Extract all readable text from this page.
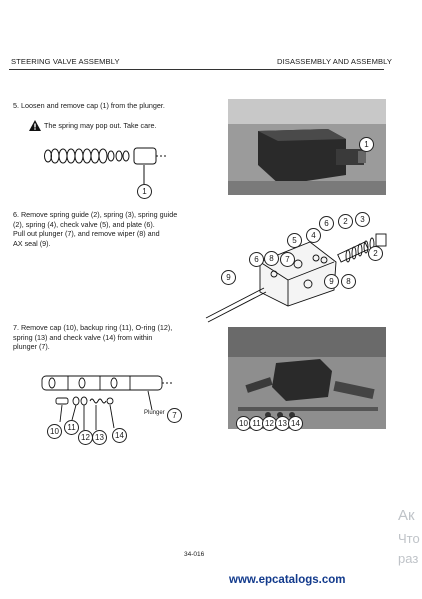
STEERING VALVE ASSEMBLY	DISASSEMBLY AND ASSEMBLY
5. Loosen and remove cap (1) from the plunger.
The spring may pop out. Take care.
1
1
6. Remove spring guide (2), spring (3), spring guide
(2), spring (4), check valve (5), and plate (6).
Pull out plunger (7), and remove wiper (8) and
AX seal (9).
6	2	3
5
4
2
6	8
9	9	8
7
7. Remove cap (10), backup ring (11), O-ring (12),
spring (13) and check valve (14) from within
plunger (7).
10	11
12 13	14
Plunger 7
10 11 12 13 14
34-016
Ак
Что
раз
www.epcatalogs.com
